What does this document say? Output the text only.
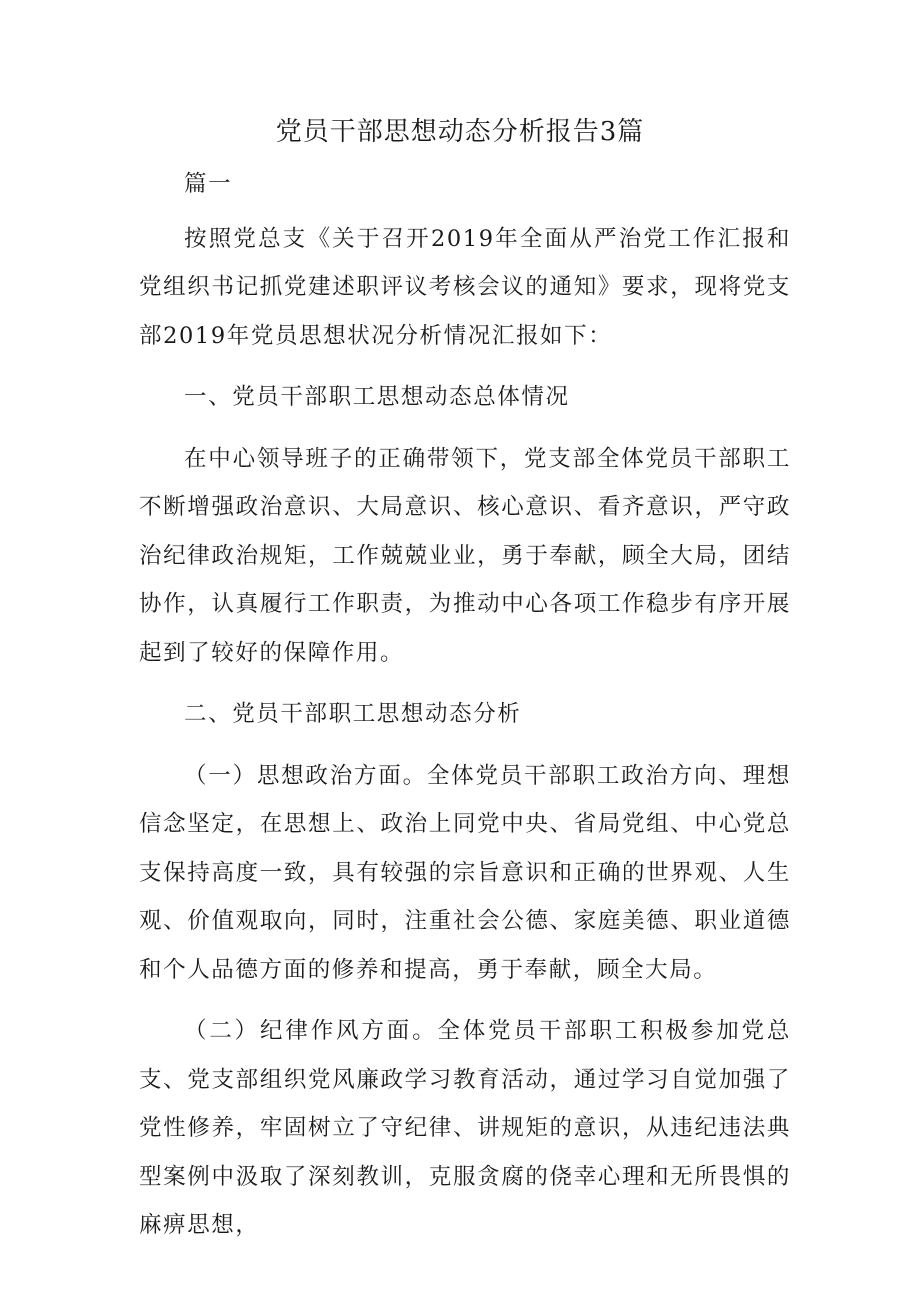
党员干部思想动态分析报告3篇

篇一

按照党总支《关于召开2019年全面从严治党工作汇报和党组织书记抓党建述职评议考核会议的通知》要求，现将党支部2019年党员思想状况分析情况汇报如下：

一、党员干部职工思想动态总体情况

在中心领导班子的正确带领下，党支部全体党员干部职工不断增强政治意识、大局意识、核心意识、看齐意识，严守政治纪律政治规矩，工作兢兢业业，勇于奉献，顾全大局，团结协作，认真履行工作职责，为推动中心各项工作稳步有序开展起到了较好的保障作用。

二、党员干部职工思想动态分析

（一）思想政治方面。全体党员干部职工政治方向、理想信念坚定，在思想上、政治上同党中央、省局党组、中心党总支保持高度一致，具有较强的宗旨意识和正确的世界观、人生观、价值观取向，同时，注重社会公德、家庭美德、职业道德和个人品德方面的修养和提高，勇于奉献，顾全大局。

（二）纪律作风方面。全体党员干部职工积极参加党总支、党支部组织党风廉政学习教育活动，通过学习自觉加强了党性修养，牢固树立了守纪律、讲规矩的意识，从违纪违法典型案例中汲取了深刻教训，克服贪腐的侥幸心理和无所畏惧的麻痹思想，
